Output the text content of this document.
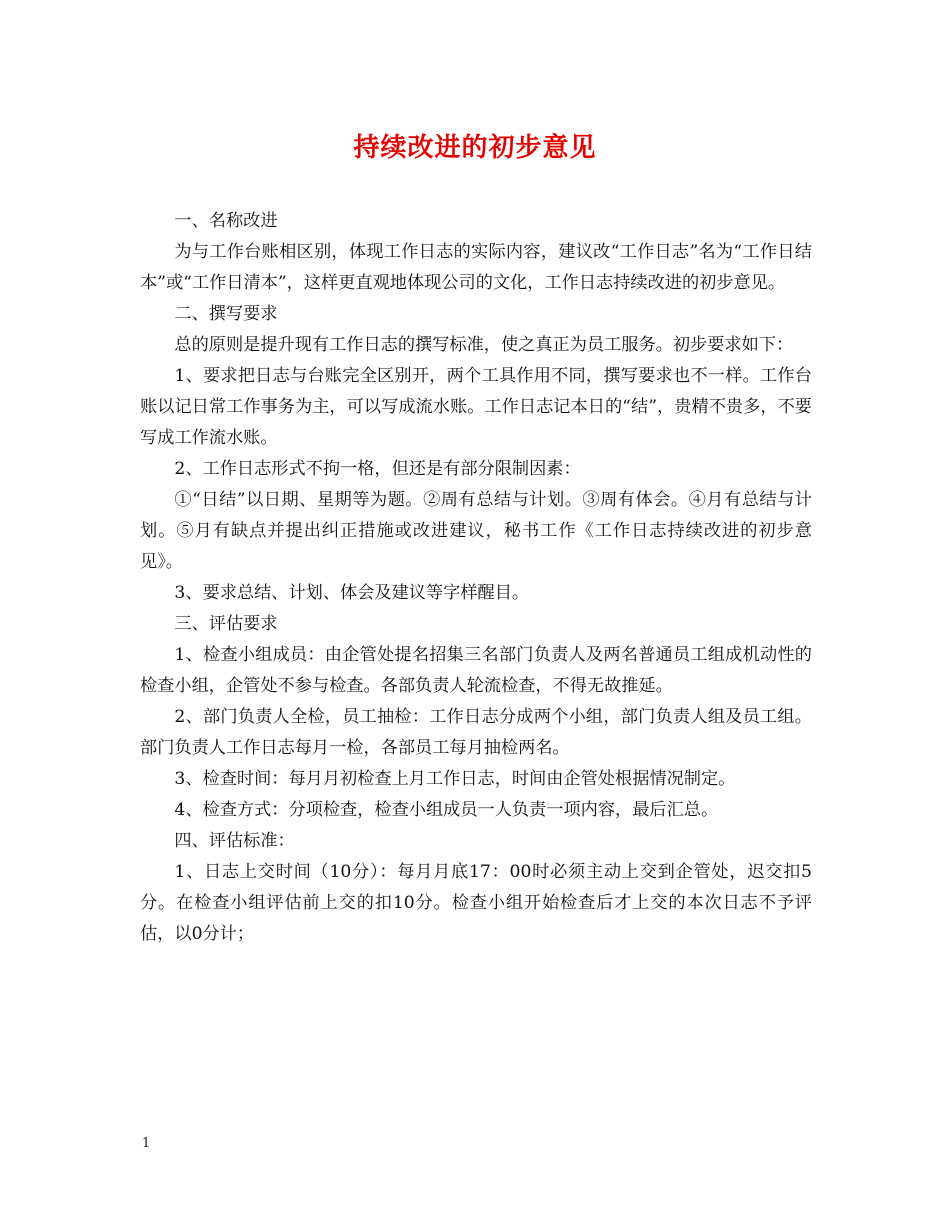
持续改进的初步意见

一、名称改进

为与工作台账相区别，体现工作日志的实际内容，建议改“工作日志”名为“工作日结本”或“工作日清本”，这样更直观地体现公司的文化，工作日志持续改进的初步意见。

二、撰写要求

总的原则是提升现有工作日志的撰写标准，使之真正为员工服务。初步要求如下：

1、要求把日志与台账完全区别开，两个工具作用不同，撰写要求也不一样。工作台账以记日常工作事务为主，可以写成流水账。工作日志记本日的“结”，贵精不贵多，不要写成工作流水账。

2、工作日志形式不拘一格，但还是有部分限制因素：

①“日结”以日期、星期等为题。②周有总结与计划。③周有体会。④月有总结与计划。⑤月有缺点并提出纠正措施或改进建议，秘书工作《工作日志持续改进的初步意见》。

3、要求总结、计划、体会及建议等字样醒目。

三、评估要求

1、检查小组成员：由企管处提名招集三名部门负责人及两名普通员工组成机动性的检查小组，企管处不参与检查。各部负责人轮流检查，不得无故推延。

2、部门负责人全检，员工抽检：工作日志分成两个小组，部门负责人组及员工组。部门负责人工作日志每月一检，各部员工每月抽检两名。

3、检查时间：每月月初检查上月工作日志，时间由企管处根据情况制定。

4、检查方式：分项检查，检查小组成员一人负责一项内容，最后汇总。

四、评估标准：

1、日志上交时间（10分）：每月月底17：00时必须主动上交到企管处，迟交扣5分。在检查小组评估前上交的扣10分。检查小组开始检查后才上交的本次日志不予评估，以0分计；

1
